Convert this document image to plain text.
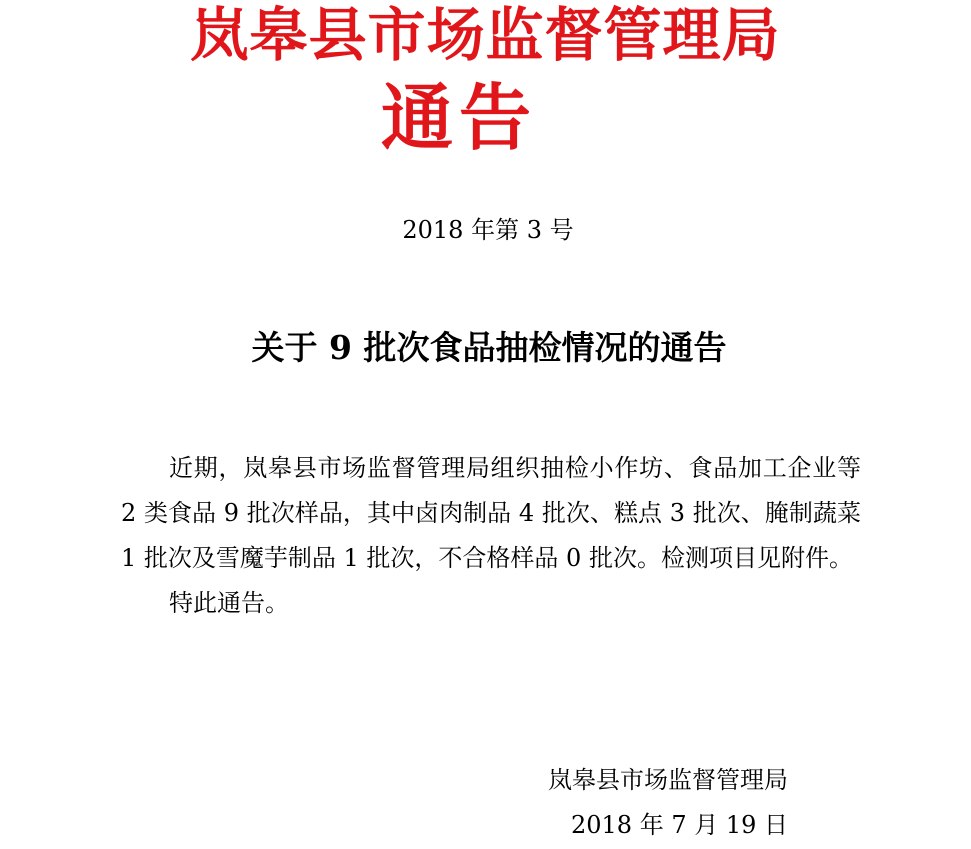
岚皋县市场监督管理局
通告
2018 年第 3 号
关于 9 批次食品抽检情况的通告

近期，岚皋县市场监督管理局组织抽检小作坊、食品加工企业等 2 类食品 9 批次样品，其中卤肉制品 4 批次、糕点 3 批次、腌制蔬菜 1 批次及雪魔芋制品 1 批次，不合格样品 0 批次。检测项目见附件。

特此通告。

岚皋县市场监督管理局
2018 年 7 月 19 日
